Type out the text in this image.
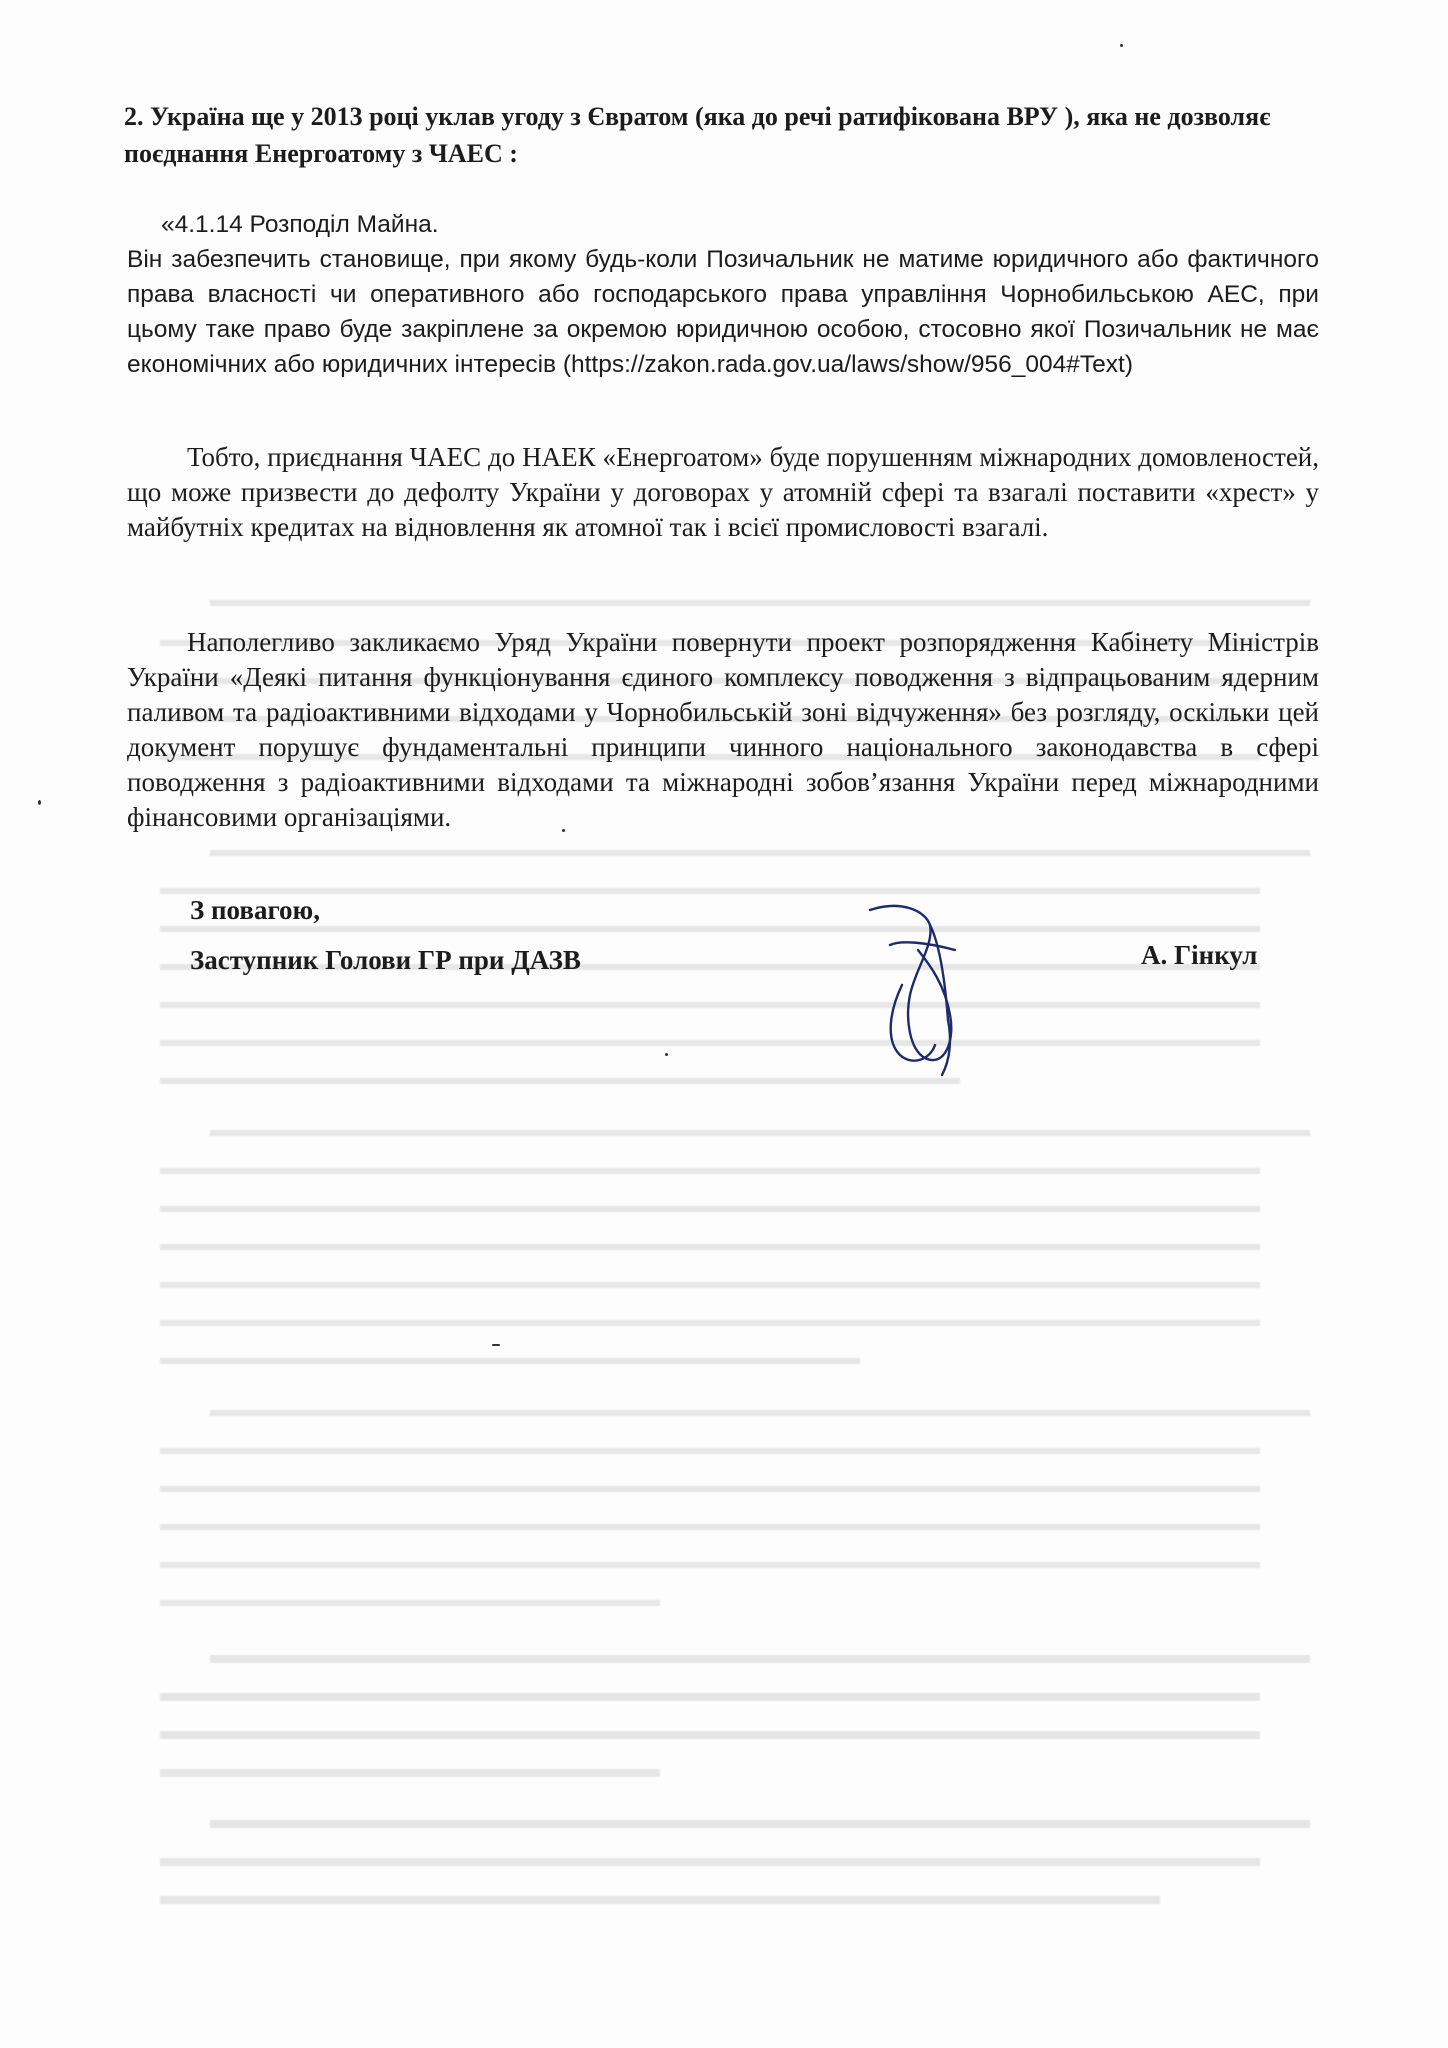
2. Україна ще у 2013 році уклав угоду з Євратом (яка до речі ратифікована ВРУ ), яка не дозволяє поєднання Енергоатому з ЧАЕС :
«4.1.14 Розподіл Майна.
Він забезпечить становище, при якому будь-коли Позичальник не матиме юридичного або фактичного права власності чи оперативного або господарського права управління Чорнобильською АЕС, при цьому таке право буде закріплене за окремою юридичною особою, стосовно якої Позичальник не має економічних або юридичних інтересів (https://zakon.rada.gov.ua/laws/show/956_004#Text)
Тобто, приєднання ЧАЕС до НАЕК «Енергоатом» буде порушенням міжнародних домовленостей, що може призвести до дефолту України у договорах у атомній сфері та взагалі поставити «хрест» у майбутніх кредитах на відновлення як атомної так і всієї промисловості взагалі.
Наполегливо закликаємо Уряд України повернути проект розпорядження Кабінету Міністрів України «Деякі питання функціонування єдиного комплексу поводження з відпрацьованим ядерним паливом та радіоактивними відходами у Чорнобильській зоні відчуження» без розгляду, оскільки цей документ порушує фундаментальні принципи чинного національного законодавства в сфері поводження з радіоактивними відходами та міжнародні зобов’язання України перед міжнародними фінансовими організаціями.
З повагою,
Заступник Голови ГР при ДАЗВ	А. Гінкул
